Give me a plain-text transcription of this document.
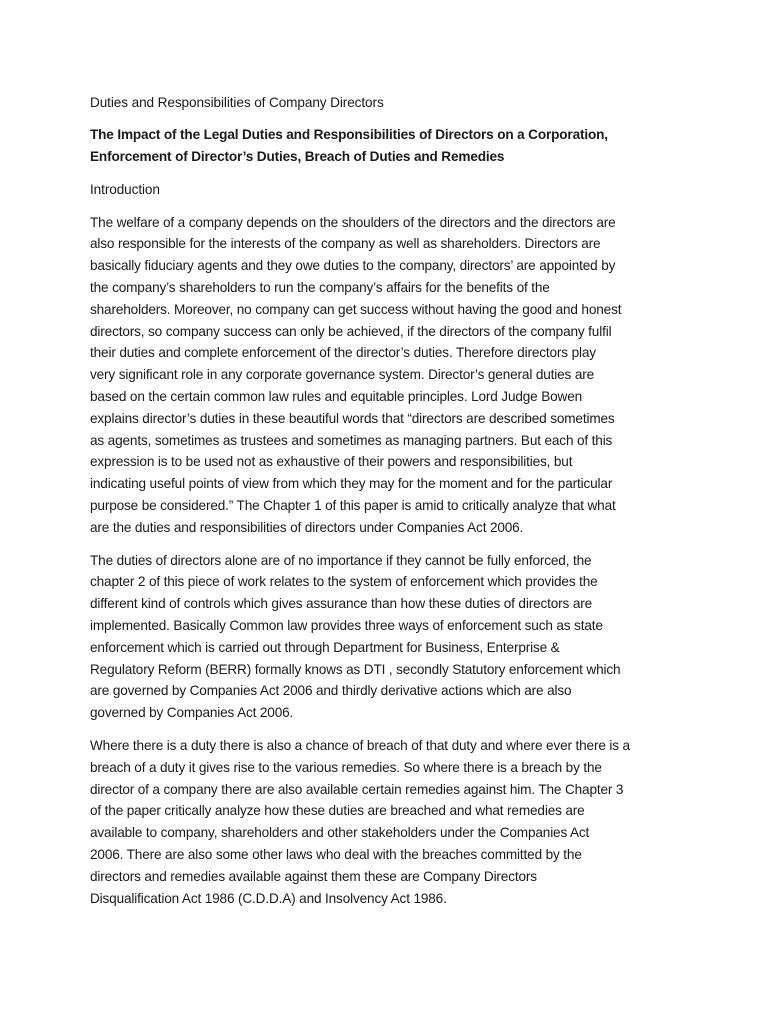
Duties and Responsibilities of Company Directors
The Impact of the Legal Duties and Responsibilities of Directors on a Corporation,
Enforcement of Director’s Duties, Breach of Duties and Remedies
Introduction
The welfare of a company depends on the shoulders of the directors and the directors are
also responsible for the interests of the company as well as shareholders. Directors are
basically fiduciary agents and they owe duties to the company, directors’ are appointed by
the company’s shareholders to run the company’s affairs for the benefits of the
shareholders. Moreover, no company can get success without having the good and honest
directors, so company success can only be achieved, if the directors of the company fulfil
their duties and complete enforcement of the director’s duties. Therefore directors play
very significant role in any corporate governance system. Director’s general duties are
based on the certain common law rules and equitable principles. Lord Judge Bowen
explains director’s duties in these beautiful words that “directors are described sometimes
as agents, sometimes as trustees and sometimes as managing partners. But each of this
expression is to be used not as exhaustive of their powers and responsibilities, but
indicating useful points of view from which they may for the moment and for the particular
purpose be considered.” The Chapter 1 of this paper is amid to critically analyze that what
are the duties and responsibilities of directors under Companies Act 2006.
The duties of directors alone are of no importance if they cannot be fully enforced, the
chapter 2 of this piece of work relates to the system of enforcement which provides the
different kind of controls which gives assurance than how these duties of directors are
implemented. Basically Common law provides three ways of enforcement such as state
enforcement which is carried out through Department for Business, Enterprise &
Regulatory Reform (BERR) formally knows as DTI , secondly Statutory enforcement which
are governed by Companies Act 2006 and thirdly derivative actions which are also
governed by Companies Act 2006.
Where there is a duty there is also a chance of breach of that duty and where ever there is a
breach of a duty it gives rise to the various remedies. So where there is a breach by the
director of a company there are also available certain remedies against him. The Chapter 3
of the paper critically analyze how these duties are breached and what remedies are
available to company, shareholders and other stakeholders under the Companies Act
2006. There are also some other laws who deal with the breaches committed by the
directors and remedies available against them these are Company Directors
Disqualification Act 1986 (C.D.D.A) and Insolvency Act 1986.
